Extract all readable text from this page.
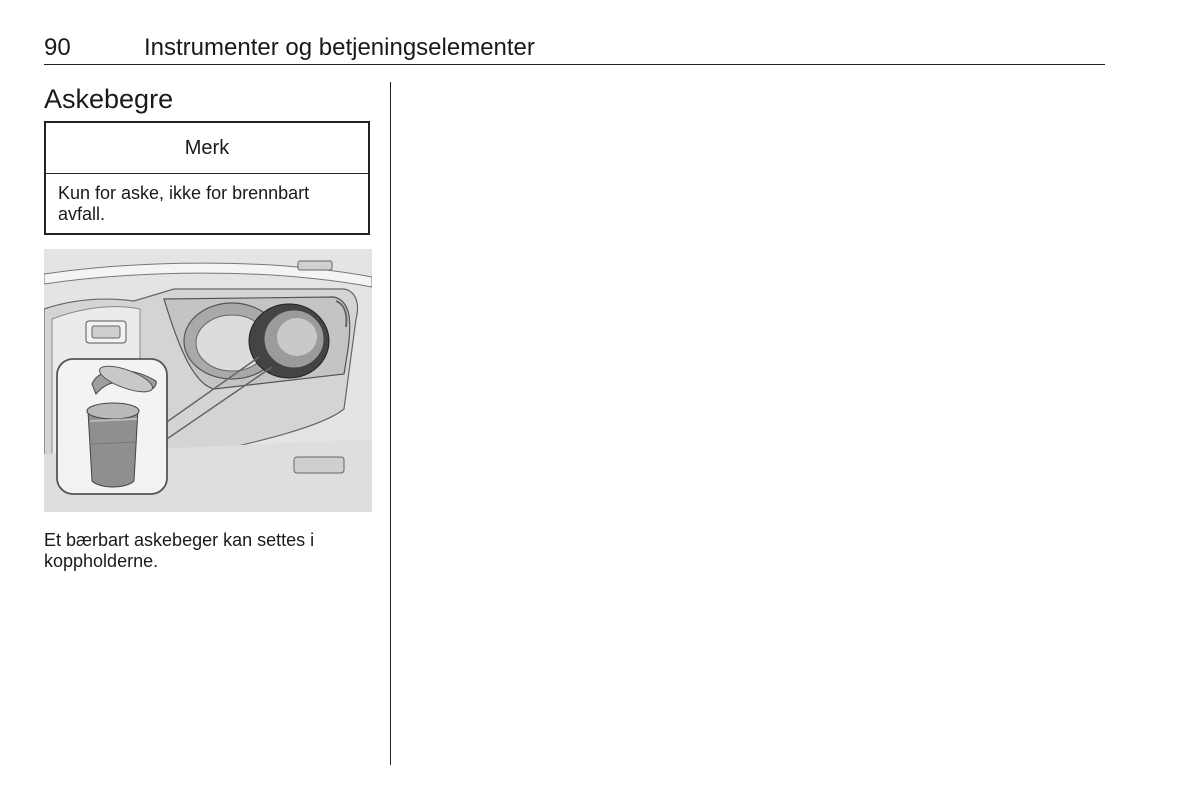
90	Instrumenter og betjeningselementer
Askebegre
Merk
Kun for aske, ikke for brennbart avfall.
Et bærbart askebeger kan settes i koppholderne.
